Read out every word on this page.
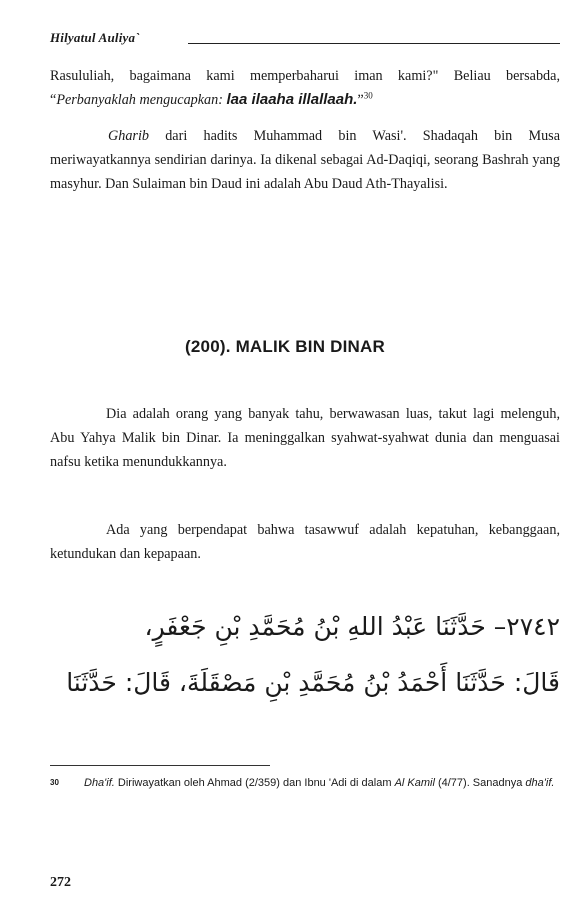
Hilyatul Auliya`

Rasululiah, bagaimana kami memperbaharui iman kami?" Beliau bersabda, “Perbanyaklah mengucapkan: laa ilaaha illallaah.”$^{30}$

Gharib dari hadits Muhammad bin Wasi'. Shadaqah bin Musa meriwayatkannya sendirian darinya. Ia dikenal sebagai Ad-Daqiqi, seorang Bashrah yang masyhur. Dan Sulaiman bin Daud ini adalah Abu Daud Ath-Thayalisi.

(200). MALIK BIN DINAR

Dia adalah orang yang banyak tahu, berwawasan luas, takut lagi melenguh, Abu Yahya Malik bin Dinar. Ia meninggalkan syahwat-syahwat dunia dan menguasai nafsu ketika menundukkannya.

Ada yang berpendapat bahwa tasawwuf adalah kepatuhan, kebanggaan, ketundukan dan kepapaan.

٢٧٤٢– حَدَّثَنَا عَبْدُ اللهِ بْنُ مُحَمَّدِ بْنِ جَعْفَرٍ،
قَالَ: حَدَّثَنَا أَحْمَدُ بْنُ مُحَمَّدِ بْنِ مَصْقَلَةَ، قَالَ: حَدَّثَنَا
30 Dha'if. Diriwayatkan oleh Ahmad (2/359) dan Ibnu 'Adi di dalam Al Kamil (4/77). Sanadnya dha'if.
272
